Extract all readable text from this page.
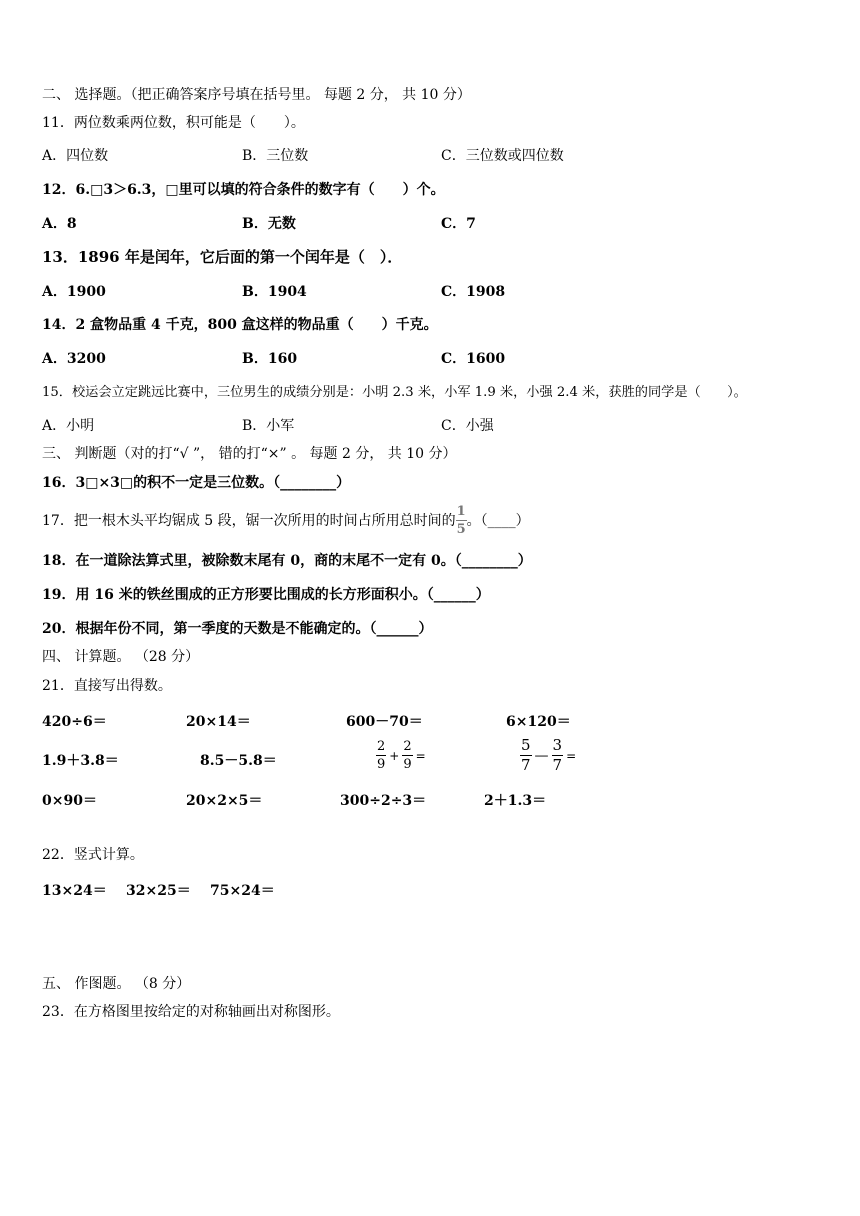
二、 选择题。（把正确答案序号填在括号里。 每题 2 分， 共 10 分）
11．两位数乘两位数，积可能是（　　）。
A．四位数	B．三位数	C．三位数或四位数
12．6.□3＞6.3，□里可以填的符合条件的数字有（　　）个。
A．8	B．无数	C．7
13．1896 年是闰年，它后面的第一个闰年是（　）．
A．1900	B．1904	C．1908
14．2 盒物品重 4 千克，800 盒这样的物品重（　　）千克。
A．3200	B．160	C．1600
15．校运会立定跳远比赛中，三位男生的成绩分别是：小明 2.3 米，小军 1.9 米，小强 2.4 米，获胜的同学是（　　）。
A．小明	B．小军	C．小强
三、 判断题（对的打“√ ”， 错的打“×” 。 每题 2 分， 共 10 分）
16．3□×3□的积不一定是三位数。（________）
17．把一根木头平均锯成 5 段，锯一次所用的时间占所用总时间的 $\frac{1}{5}$ 。（____）
18．在一道除法算式里，被除数末尾有 0，商的末尾不一定有 0。（________）
19．用 16 米的铁丝围成的正方形要比围成的长方形面积小。（______）
20．根据年份不同，第一季度的天数是不能确定的。（______）
四、 计算题。 （28 分）
21．直接写出得数。
420÷6＝	20×14＝	600－70＝	6×120＝
1.9＋3.8＝	8.5－5.8＝	$\frac{2}{9} + \frac{2}{9}$ =	$\frac{5}{7}$ — $\frac{3}{7}$ =
0×90＝	20×2×5＝	300÷2÷3＝	2＋1.3＝
22．竖式计算。
13×24＝ 32×25＝ 75×24＝
五、 作图题。 （8 分）
23．在方格图里按给定的对称轴画出对称图形。
